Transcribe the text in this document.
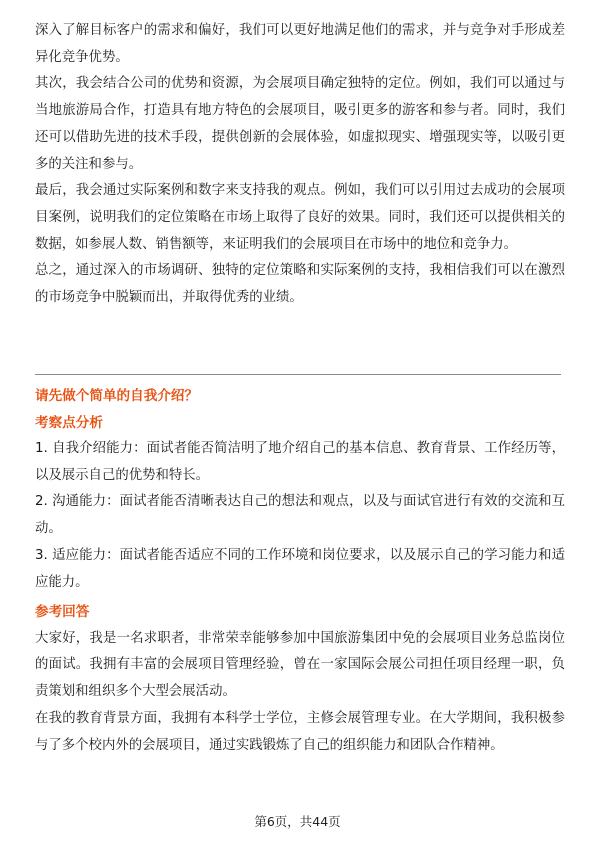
深入了解目标客户的需求和偏好，我们可以更好地满足他们的需求，并与竞争对手形成差异化竞争优势。

其次，我会结合公司的优势和资源，为会展项目确定独特的定位。例如，我们可以通过与当地旅游局合作，打造具有地方特色的会展项目，吸引更多的游客和参与者。同时，我们还可以借助先进的技术手段，提供创新的会展体验，如虚拟现实、增强现实等，以吸引更多的关注和参与。

最后，我会通过实际案例和数字来支持我的观点。例如，我们可以引用过去成功的会展项目案例，说明我们的定位策略在市场上取得了良好的效果。同时，我们还可以提供相关的数据，如参展人数、销售额等，来证明我们的会展项目在市场中的地位和竞争力。

总之，通过深入的市场调研、独特的定位策略和实际案例的支持，我相信我们可以在激烈的市场竞争中脱颖而出，并取得优秀的业绩。

请先做个简单的自我介绍？

考察点分析

1. 自我介绍能力：面试者能否简洁明了地介绍自己的基本信息、教育背景、工作经历等，以及展示自己的优势和特长。

2. 沟通能力：面试者能否清晰表达自己的想法和观点，以及与面试官进行有效的交流和互动。

3. 适应能力：面试者能否适应不同的工作环境和岗位要求，以及展示自己的学习能力和适应能力。

参考回答

大家好，我是一名求职者，非常荣幸能够参加中国旅游集团中免的会展项目业务总监岗位的面试。我拥有丰富的会展项目管理经验，曾在一家国际会展公司担任项目经理一职，负责策划和组织多个大型会展活动。

在我的教育背景方面，我拥有本科学士学位，主修会展管理专业。在大学期间，我积极参与了多个校内外的会展项目，通过实践锻炼了自己的组织能力和团队合作精神。

第6页，共44页
